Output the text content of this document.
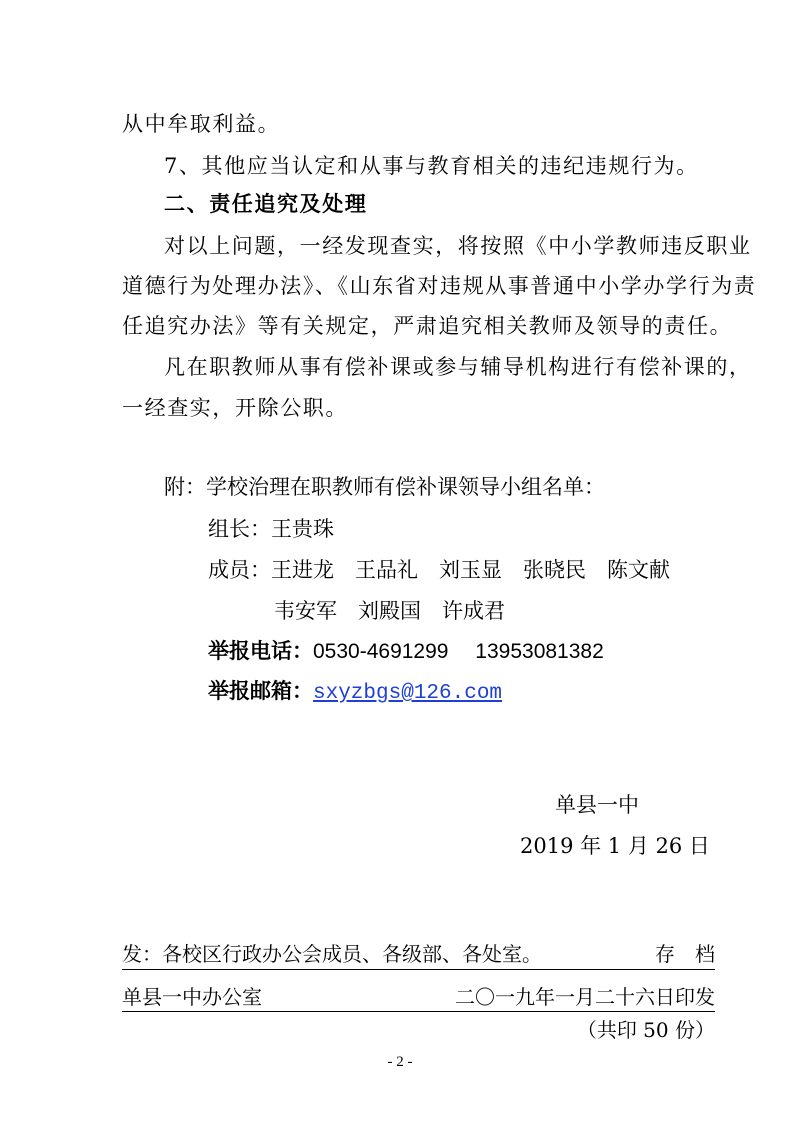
从中牟取利益。
7、其他应当认定和从事与教育相关的违纪违规行为。
二、责任追究及处理
对以上问题，一经发现查实，将按照《中小学教师违反职业
道德行为处理办法》、《山东省对违规从事普通中小学办学行为责
任追究办法》等有关规定，严肃追究相关教师及领导的责任。
凡在职教师从事有偿补课或参与辅导机构进行有偿补课的，
一经查实，开除公职。
附：学校治理在职教师有偿补课领导小组名单：
组长：王贵珠
成员：王进龙　王品礼　刘玉显　张晓民　陈文献
韦安军　刘殿国　许成君
举报电话：0530-4691299　 13953081382
举报邮箱：sxyzbgs@126.com
单县一中
2019 年 1 月 26 日
发：各校区行政办公会成员、各级部、各处室。	存　档
单县一中办公室	二〇一九年一月二十六日印发
（共印 50 份）
- 2 -
